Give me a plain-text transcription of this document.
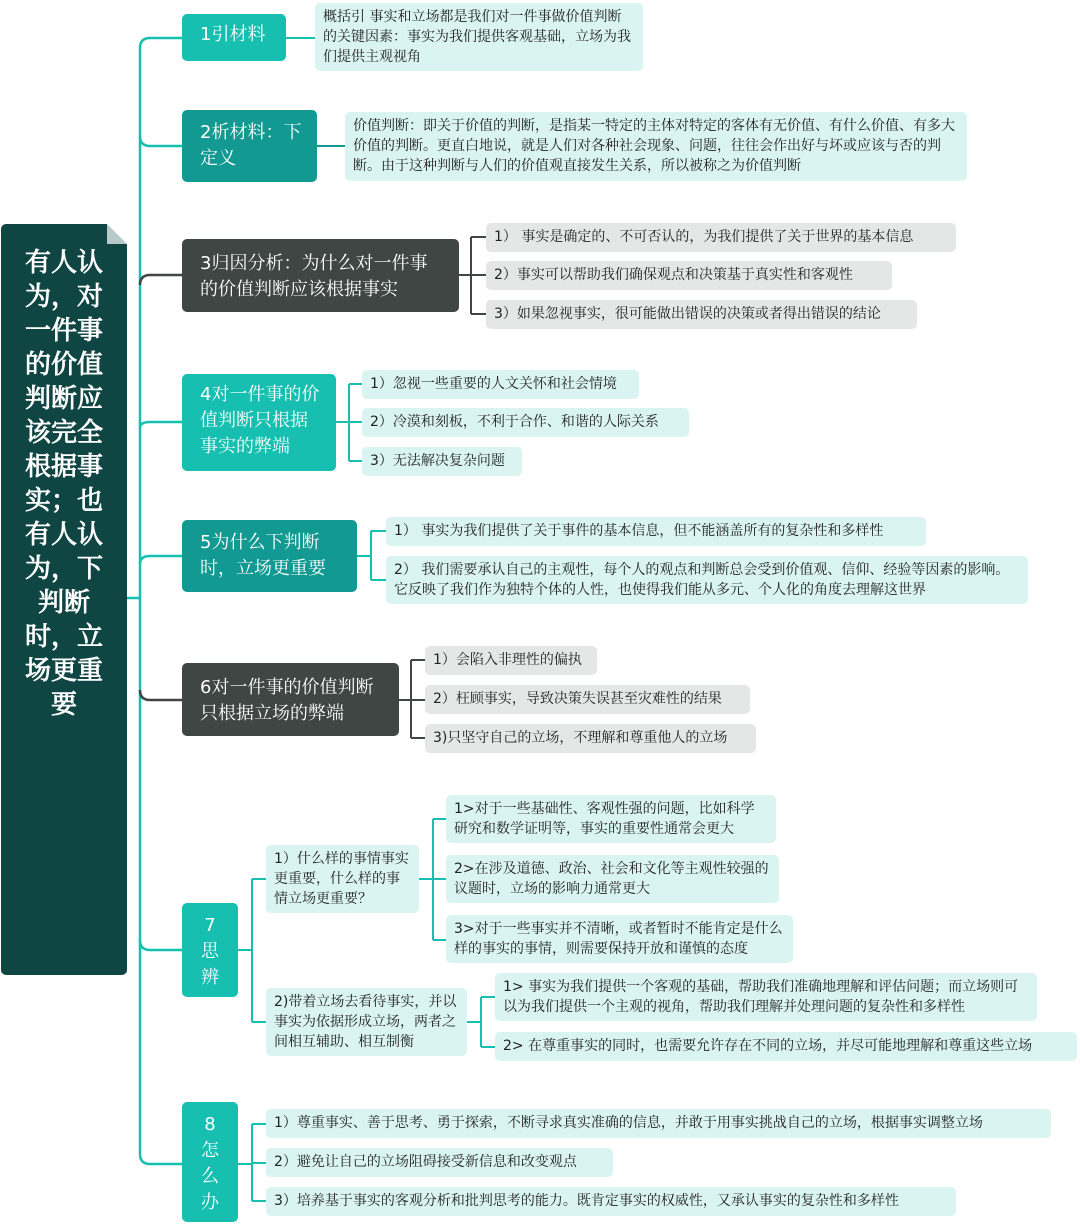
有人认为，对一件事的价值判断应该完全根据事实；也有人认为，下判断时，立场更重要
1引材料
概括引 事实和立场都是我们对一件事做价值判断的关键因素：事实为我们提供客观基础，立场为我们提供主观视角
2析材料：下定义
价值判断：即关于价值的判断，是指某一特定的主体对特定的客体有无价值、有什么价值、有多大价值的判断。更直白地说，就是人们对各种社会现象、问题，往往会作出好与坏或应该与否的判断。由于这种判断与人们的价值观直接发生关系，所以被称之为价值判断
3归因分析：为什么对一件事的价值判断应该根据事实
1） 事实是确定的、不可否认的，为我们提供了关于世界的基本信息
2）事实可以帮助我们确保观点和决策基于真实性和客观性
3）如果忽视事实，很可能做出错误的决策或者得出错误的结论
4对一件事的价值判断只根据事实的弊端
1）忽视一些重要的人文关怀和社会情境
2）冷漠和刻板，不利于合作、和谐的人际关系
3）无法解决复杂问题
5为什么下判断时，立场更重要
1） 事实为我们提供了关于事件的基本信息，但不能涵盖所有的复杂性和多样性
2） 我们需要承认自己的主观性，每个人的观点和判断总会受到价值观、信仰、经验等因素的影响。它反映了我们作为独特个体的人性，也使得我们能从多元、个人化的角度去理解这世界
6对一件事的价值判断只根据立场的弊端
1）会陷入非理性的偏执
2）枉顾事实，导致决策失误甚至灾难性的结果
3)只坚守自己的立场，不理解和尊重他人的立场
7思辨
1）什么样的事情事实更重要，什么样的事情立场更重要？
1>对于一些基础性、客观性强的问题，比如科学研究和数学证明等，事实的重要性通常会更大
2>在涉及道德、政治、社会和文化等主观性较强的议题时，立场的影响力通常更大
3>对于一些事实并不清晰，或者暂时不能肯定是什么样的事实的事情，则需要保持开放和谨慎的态度
2)带着立场去看待事实，并以事实为依据形成立场，两者之间相互辅助、相互制衡
1> 事实为我们提供一个客观的基础，帮助我们准确地理解和评估问题；而立场则可以为我们提供一个主观的视角，帮助我们理解并处理问题的复杂性和多样性
2> 在尊重事实的同时，也需要允许存在不同的立场，并尽可能地理解和尊重这些立场
8怎么办
1）尊重事实、善于思考、勇于探索，不断寻求真实准确的信息，并敢于用事实挑战自己的立场，根据事实调整立场
2）避免让自己的立场阻碍接受新信息和改变观点
3）培养基于事实的客观分析和批判思考的能力。既肯定事实的权威性，又承认事实的复杂性和多样性
